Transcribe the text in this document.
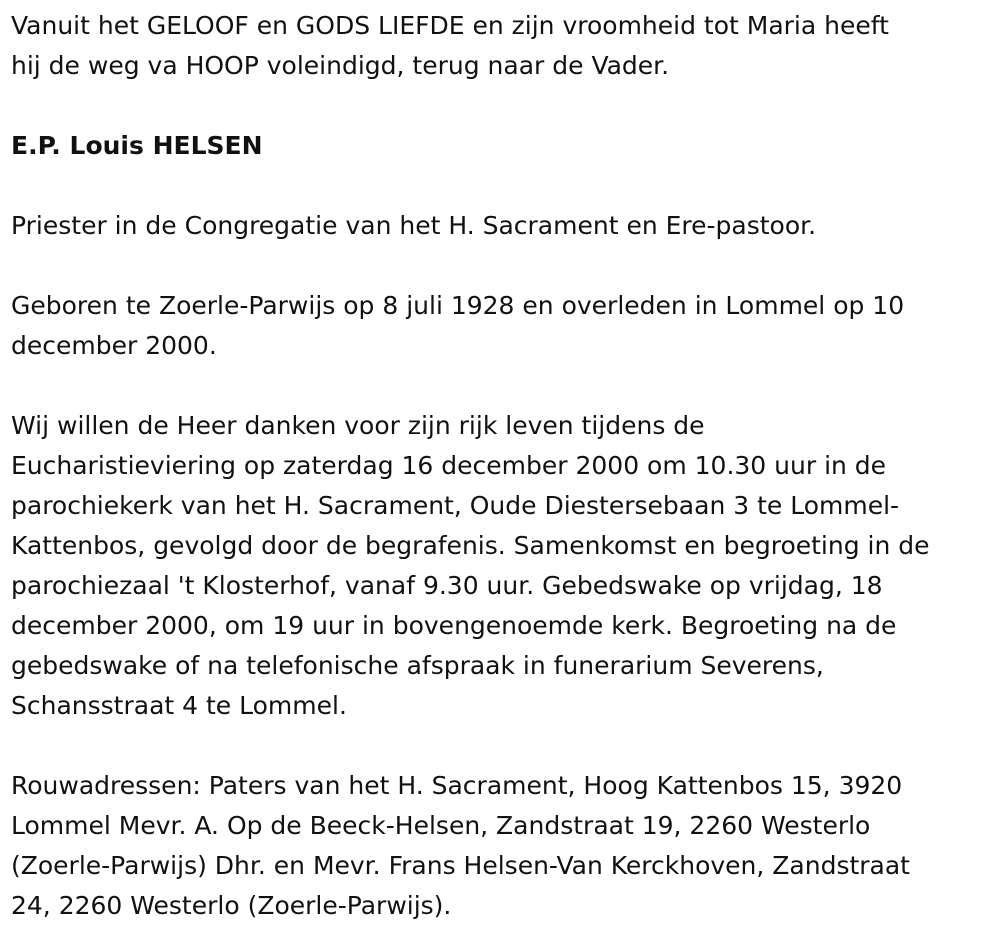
Vanuit het GELOOF en GODS LIEFDE en zijn vroomheid tot Maria heeft
hij de weg va HOOP voleindigd, terug naar de Vader.

E.P. Louis HELSEN

Priester in de Congregatie van het H. Sacrament en Ere-pastoor.

Geboren te Zoerle-Parwijs op 8 juli 1928 en overleden in Lommel op 10
december 2000.

Wij willen de Heer danken voor zijn rijk leven tijdens de
Eucharistieviering op zaterdag 16 december 2000 om 10.30 uur in de
parochiekerk van het H. Sacrament, Oude Diestersebaan 3 te Lommel-
Kattenbos, gevolgd door de begrafenis. Samenkomst en begroeting in de
parochiezaal 't Klosterhof, vanaf 9.30 uur. Gebedswake op vrijdag, 18
december 2000, om 19 uur in bovengenoemde kerk. Begroeting na de
gebedswake of na telefonische afspraak in funerarium Severens,
Schansstraat 4 te Lommel.

Rouwadressen: Paters van het H. Sacrament, Hoog Kattenbos 15, 3920
Lommel Mevr. A. Op de Beeck-Helsen, Zandstraat 19, 2260 Westerlo
(Zoerle-Parwijs) Dhr. en Mevr. Frans Helsen-Van Kerckhoven, Zandstraat
24, 2260 Westerlo (Zoerle-Parwijs).
